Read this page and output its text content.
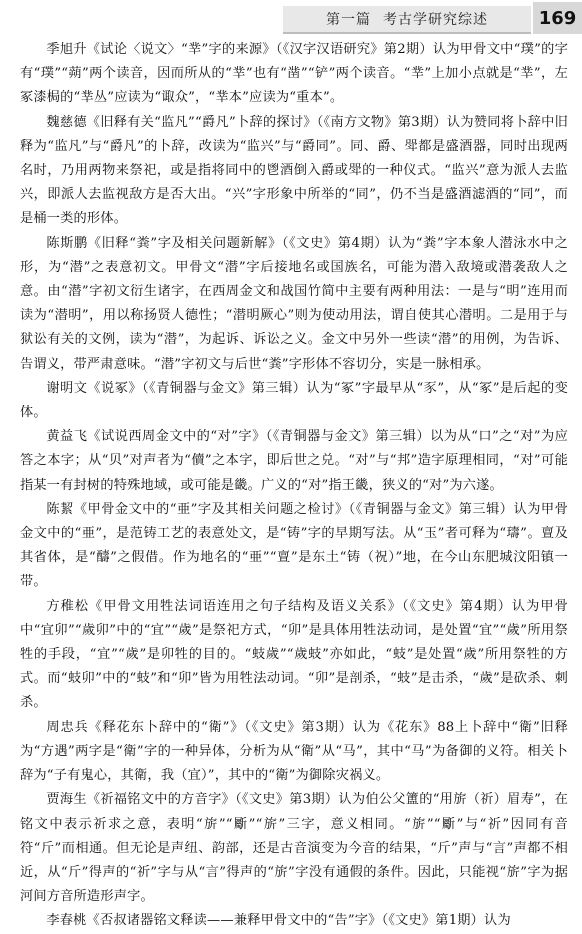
第一篇 考古学研究综述	169

季旭升《试论〈说文〉“丵”字的来源》（《汉字汉语研究》第2期）认为甲骨文中“璞”的字有“璞”“蒴”两个读音，因而所从的“丵”也有“凿”“铲”两个读音。“丵”上加小点就是“丵”，左冢漆梮的“丵丛”应读为“诹众”，“丵本”应读为“重本”。

魏慈德《旧释有关“监凡”“爵凡”卜辞的探讨》（《南方文物》第3期）认为赞同将卜辞中旧释为“监凡”与“爵凡”的卜辞，改读为“监兴”与“爵同”。同、爵、斝都是盛酒器，同时出现两名时，乃用两物来祭祀，或是指将同中的鬯酒倒入爵或斝的一种仪式。“监兴”意为派人去监兴，即派人去监视敌方是否大出。“兴”字形象中所举的“同”，仍不当是盛酒滤酒的“同”，而是桶一类的形体。

陈斯鹏《旧释“粪”字及相关问题新解》（《文史》第4期）认为“粪”字本象人潜泳水中之形，为“潜”之表意初文。甲骨文“潜”字后接地名或国族名，可能为潜入敌境或潜袭敌人之意。由“潜”字初文衍生诸字，在西周金文和战国竹简中主要有两种用法：一是与“明”连用而读为“潜明”，用以称扬贤人德性；“潜明厥心”则为使动用法，谓自使其心潜明。二是用于与狱讼有关的文例，读为“潜”，为起诉、诉讼之义。金文中另外一些读“潜”的用例，为告诉、告谓义，带严肃意味。“潜”字初文与后世“粪”字形体不容切分，实是一脉相承。

谢明文《说冢》（《青铜器与金文》第三辑）认为“冢”字最早从“豕”，从“冢”是后起的变体。

黄益飞《试说西周金文中的“对”字》（《青铜器与金文》第三辑）以为从“口”之“对”为应答之本字；从“贝”对声者为“儥”之本字，即后世之兑。“对”与“邦”造字原理相同，“对”可能指某一有封树的特殊地域，或可能是畿。广义的“对”指王畿，狭义的“对”为六遂。

陈絜《甲骨金文中的“亜”字及其相关问题之检讨》（《青铜器与金文》第三辑）认为甲骨金文中的“亜”，是范铸工艺的表意处文，是“铸”字的早期写法。从“玉”者可释为“璹”。亶及其省体，是“醻”之假借。作为地名的“亜”“亶”是东土“铸（祝）”地，在今山东肥城汶阳镇一带。

方稚松《甲骨文用牲法词语连用之句子结构及语义关系》（《文史》第4期）认为甲骨中“宜卯”“歲卯”中的“宜”“歲”是祭祀方式，“卯”是具体用牲法动词，是处置“宜”“歲”所用祭牲的手段，“宜”“歲”是卯牲的目的。“蚑歲”“歲蚑”亦如此，“蚑”是处置“歲”所用祭牲的方式。而“蚑卯”中的“蚑”和“卯”皆为用牲法动词。“卯”是剖杀，“蚑”是击杀，“歲”是砍杀、刺杀。

周忠兵《释花东卜辞中的“衛”》（《文史》第3期）认为《花东》88上卜辞中“衛”旧释为“方遇”两字是“衛”字的一种异体，分析为从“衛”从“马”，其中“马”为备御的义符。相关卜辞为“子有鬼心，其衛，我（宜）”，其中的“衛”为御除灾祸义。

贾海生《祈福铭文中的方音字》（《文史》第3期）认为伯公父簠的“用旂（祈）眉寿”，在铭文中表示祈求之意，表明“旂”“斸”“旂”三字，意义相同。“旂”“斸”与“祈”因同有音符“斤”而相通。但无论是声纽、韵部，还是古音演变为今音的结果，“斤”声与“言”声都不相近，从“斤”得声的“祈”字与从“言”得声的“旂”字没有通假的条件。因此，只能视“旂”字为据河间方音所造形声字。

李春桃《否叔诸器铭文释读——兼释甲骨文中的“告”字》（《文史》第1期）认为
